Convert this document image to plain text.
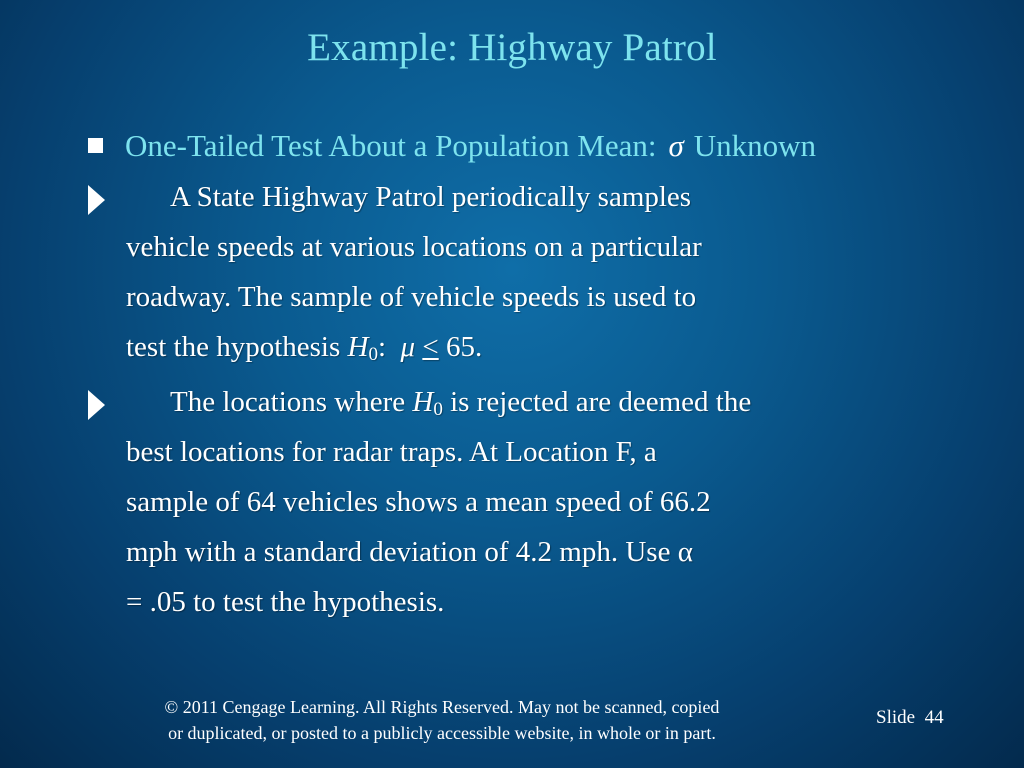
Example: Highway Patrol
One-Tailed Test About a Population Mean: σ Unknown
A State Highway Patrol periodically samples
vehicle speeds at various locations on a particular
roadway. The sample of vehicle speeds is used to
test the hypothesis $H_0$: μ ≤ 65.
The locations where $H_0$ is rejected are deemed the
best locations for radar traps. At Location F, a
sample of 64 vehicles shows a mean speed of 66.2
mph with a standard deviation of 4.2 mph. Use α
= .05 to test the hypothesis.
© 2011 Cengage Learning. All Rights Reserved. May not be scanned, copied
or duplicated, or posted to a publicly accessible website, in whole or in part.
Slide 44
